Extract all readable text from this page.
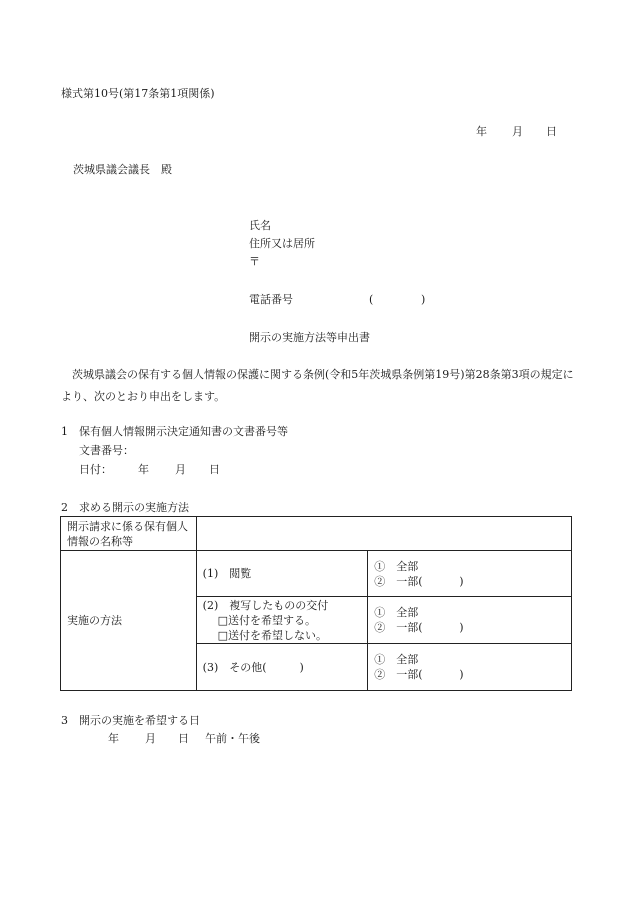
様式第10号(第17条第1項関係)
年 月 日
茨城県議会議長　殿
氏名
住所又は居所
〒
電話番号	(	)
開示の実施方法等申出書
茨城県議会の保有する個人情報の保護に関する条例(令和5年茨城県条例第19号)第28条第3項の規定により、次のとおり申出をします。
1　保有個人情報開示決定通知書の文書番号等
文書番号：
日付： 年 月 日
2　求める開示の実施方法
開示請求に係る保有個人情報の名称等		
実施の方法	(1)　閲覧	①　全部
②　一部( )

	(2)　複写したものの交付
□送付を希望する。
□送付を希望しない。	①　全部
②　一部( )

	(3)　その他(　　　)	①　全部
②　一部( )
3　開示の実施を希望する日
年 月 日 午前・午後
